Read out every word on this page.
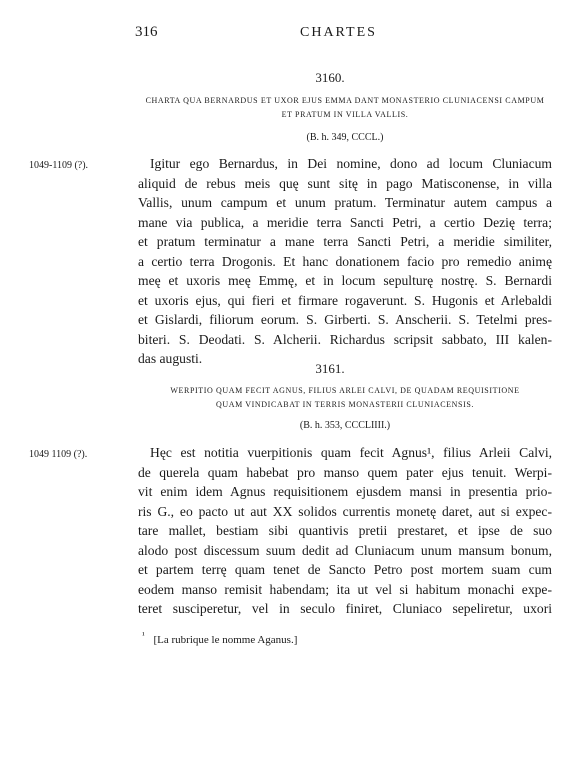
316	CHARTES
3160.
CHARTA QUA BERNARDUS ET UXOR EJUS EMMA DANT MONASTERIO CLUNIACENSI CAMPUM
ET PRATUM IN VILLA VALLIS.
(B. h. 349, CCCL.)
1049-1109 (?).	Igitur ego Bernardus, in Dei nomine, dono ad locum Cluniacum
aliquid de rebus meis quę sunt sitę in pago Matisconense, in villa
Vallis, unum campum et unum pratum. Terminatur autem campus a
mane via publica, a meridie terra Sancti Petri, a certio Dezię terra;
et pratum terminatur a mane terra Sancti Petri, a meridie similiter,
a certio terra Drogonis. Et hanc donationem facio pro remedio animę
meę et uxoris meę Emmę, et in locum sepulturę nostrę. S. Bernardi
et uxoris ejus, qui fieri et firmare rogaverunt. S. Hugonis et Arlebaldi
et Gislardi, filiorum eorum. S. Girberti. S. Anscherii. S. Tetelmi pres-
biteri. S. Deodati. S. Alcherii. Richardus scripsit sabbato, III kalen-
das augusti.
3161.
WERPITIO QUAM FECIT AGNUS, FILIUS ARLEI CALVI, DE QUADAM REQUISITIONE
QUAM VINDICABAT IN TERRIS MONASTERII CLUNIACENSIS.
(B. h. 353, CCCLIIII.)
1049 1109 (?).	Hęc est notitia vuerpitionis quam fecit Agnus¹, filius Arleii Calvi,
de querela quam habebat pro manso quem pater ejus tenuit. Werpi-
vit enim idem Agnus requisitionem ejusdem mansi in presentia prio-
ris G., eo pacto ut aut XX solidos currentis monetę daret, aut si expec-
tare mallet, bestiam sibi quantivis pretii prestaret, et ipse de suo
alodo post discessum suum dedit ad Cluniacum unum mansum bonum,
et partem terrę quam tenet de Sancto Petro post mortem suam cum
eodem manso remisit habendam; ita ut vel si habitum monachi expe-
teret susciperetur, vel in seculo finiret, Cluniaco sepeliretur, uxori
$^{^1}$ [La rubrique le nomme Aganus.]
